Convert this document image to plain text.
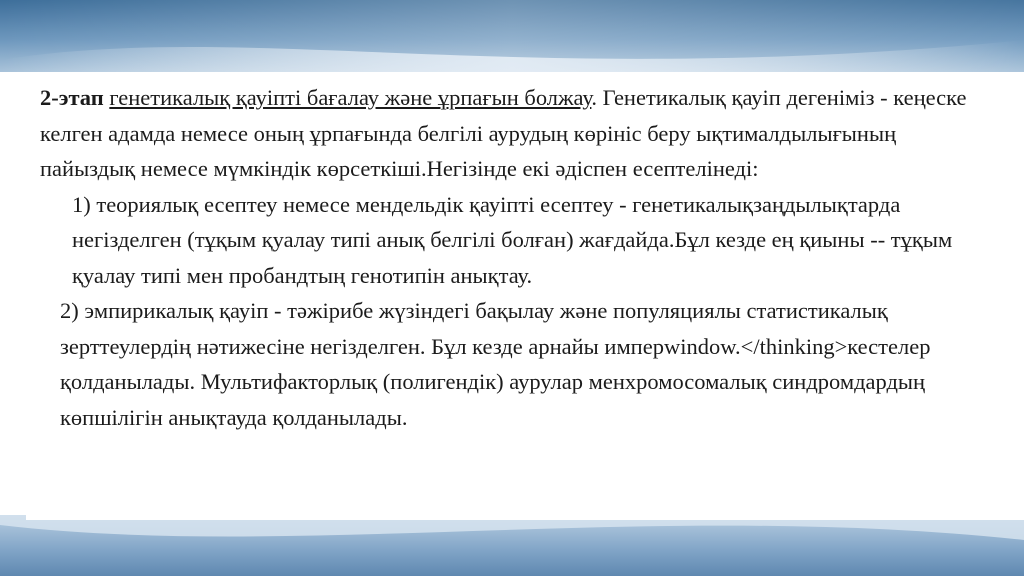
2-этап генетикалық қауіпті бағалау және ұрпағын болжау. Генетикалық қауіп дегеніміз - кеңеске келген адамда немесе оның ұрпағында белгілі аурудың көрініс беру ықтималдылығының пайыздық немесе мүмкіндік көрсеткіші.Негізінде екі әдіспен есептелінеді:

1) теориялық есептеу немесе мендельдік қауіпті есептеу - генетикалықзаңдылықтарда негізделген (тұқым қуалау типі анық белгілі болған) жағдайда.Бұл кезде ең қиыны -- тұқым қуалау типі мен пробандтың генотипін анықтау.

2) эмпирикалық қауіп - тәжірибе жүзіндегі бақылау және популяциялы статистикалық зерттеулердің нәтижесіне негізделген. Бұл кезде арнайы имперwindow.</thinking>кестелер қолданылады. Мультифакторлық (полигендік) аурулар менхромосомалық синдромдардың көпшілігін анықтауда қолданылады.
